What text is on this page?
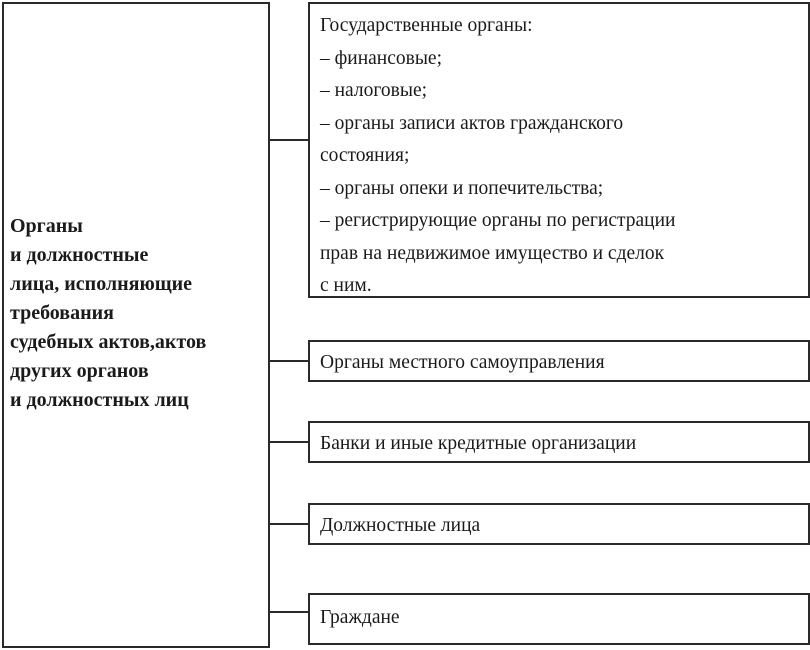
Органы
и должностные
лица, исполняющие
требования
судебных актов,актов
других органов
и должностных лиц
Государственные органы:
– финансовые;
– налоговые;
– органы записи актов гражданского
состояния;
– органы опеки и попечительства;
– регистрирующие органы по регистрации
прав на недвижимое имущество и сделок
с ним.
Органы местного самоуправления
Банки и иные кредитные организации
Должностные лица
Граждане
